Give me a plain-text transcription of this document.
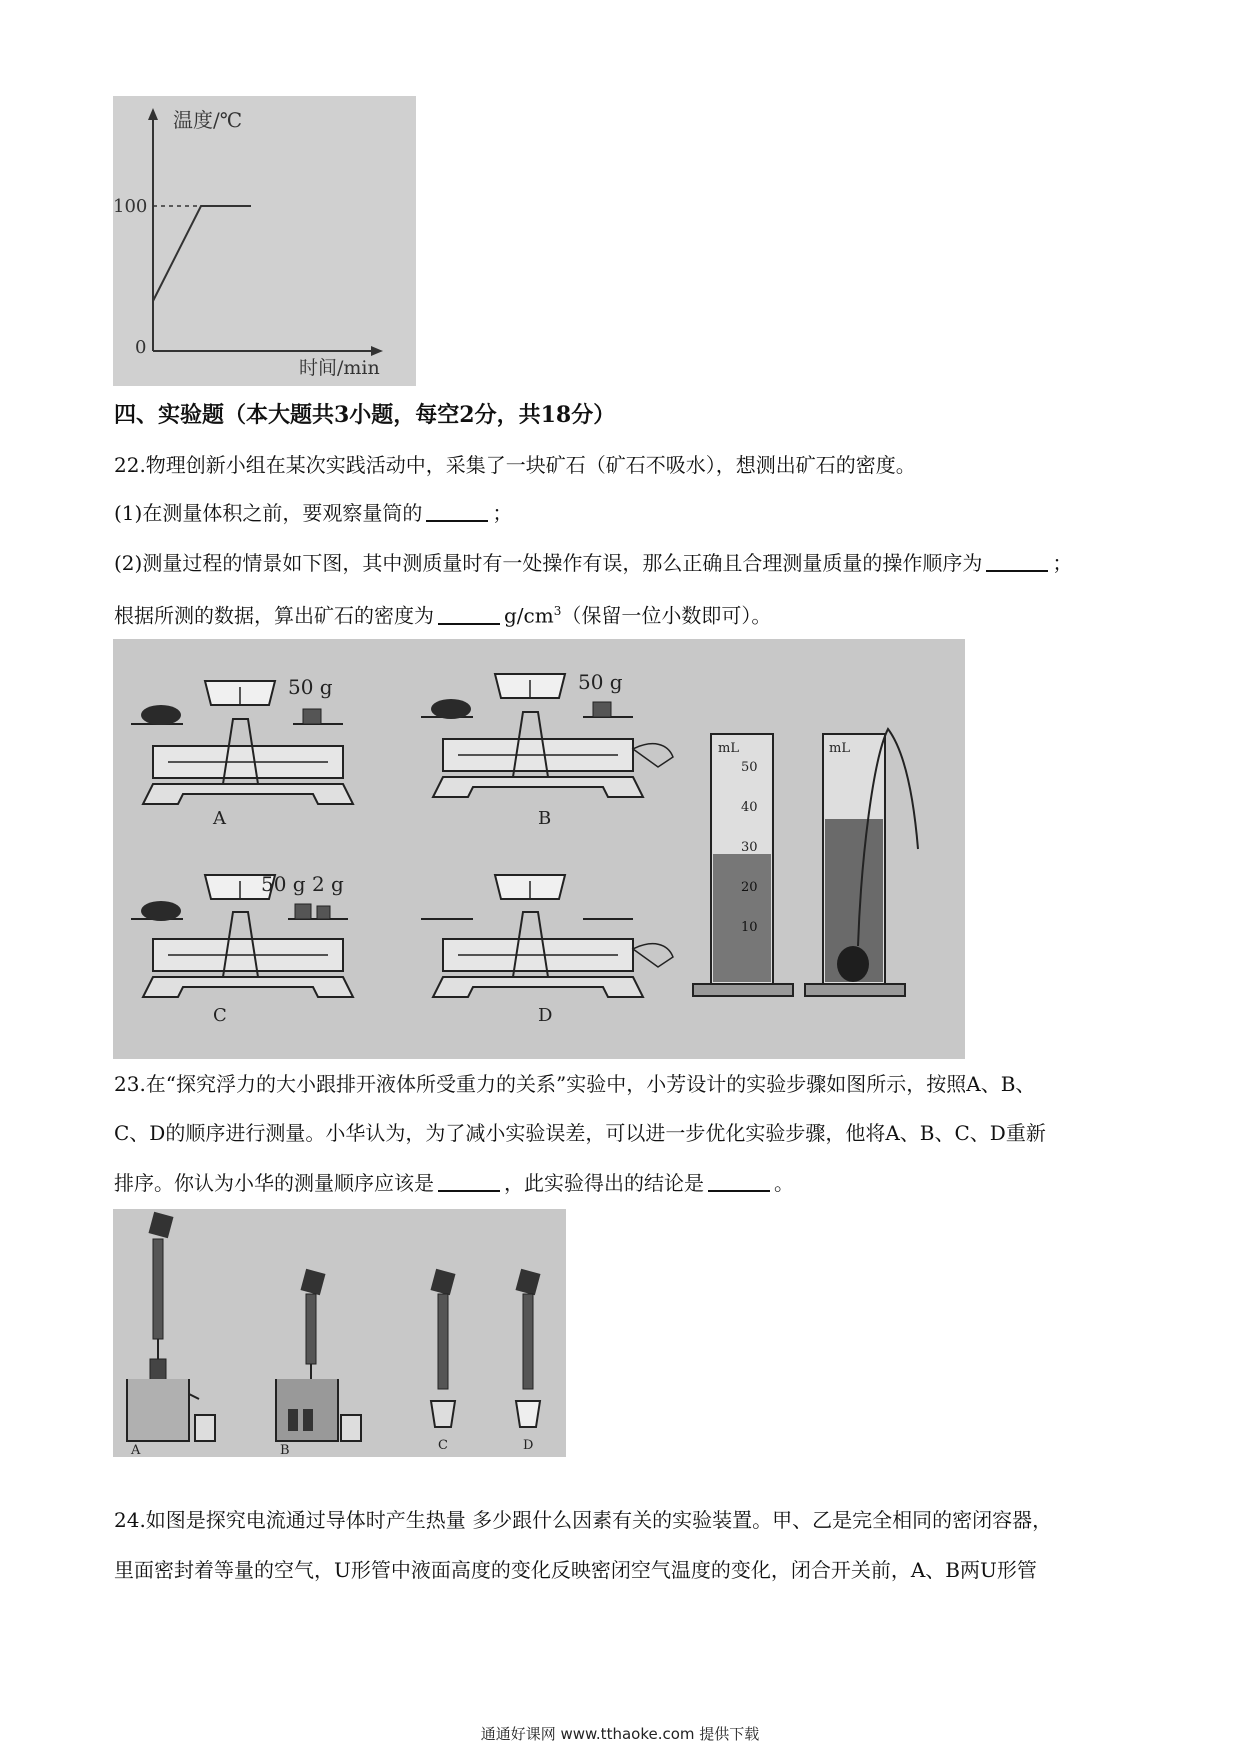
温度/℃
时间/min
0
100
四、实验题（本大题共3小题，每空2分，共18分）
22.物理创新小组在某次实践活动中，采集了一块矿石（矿石不吸水），想测出矿石的密度。
(1)在测量体积之前，要观察量筒的	；
(2)测量过程的情景如下图，其中测质量时有一处操作有误，那么正确且合理测量质量的操作顺序为	；
根据所测的数据，算出矿石的密度为	$g/cm^3$（保留一位小数即可）。
50 g
A
50 g
B
50 g 2 g
C	D
mL
50
40
30
20
10
mL
23.在“探究浮力的大小跟排开液体所受重力的关系”实验中，小芳设计的实验步骤如图所示，按照A、B、
C、D的顺序进行测量。小华认为，为了减小实验误差，可以进一步优化实验步骤，他将A、B、C、D重新
排序。你认为小华的测量顺序应该是	，此实验得出的结论是	。
A	B	C	D
24.如图是探究电流通过导体时产生热量 多少跟什么因素有关的实验装置。甲、乙是完全相同的密闭容器，
里面密封着等量的空气，U形管中液面高度的变化反映密闭空气温度的变化，闭合开关前，A、B两U形管
通通好课网 www.tthaoke.com 提供下载
